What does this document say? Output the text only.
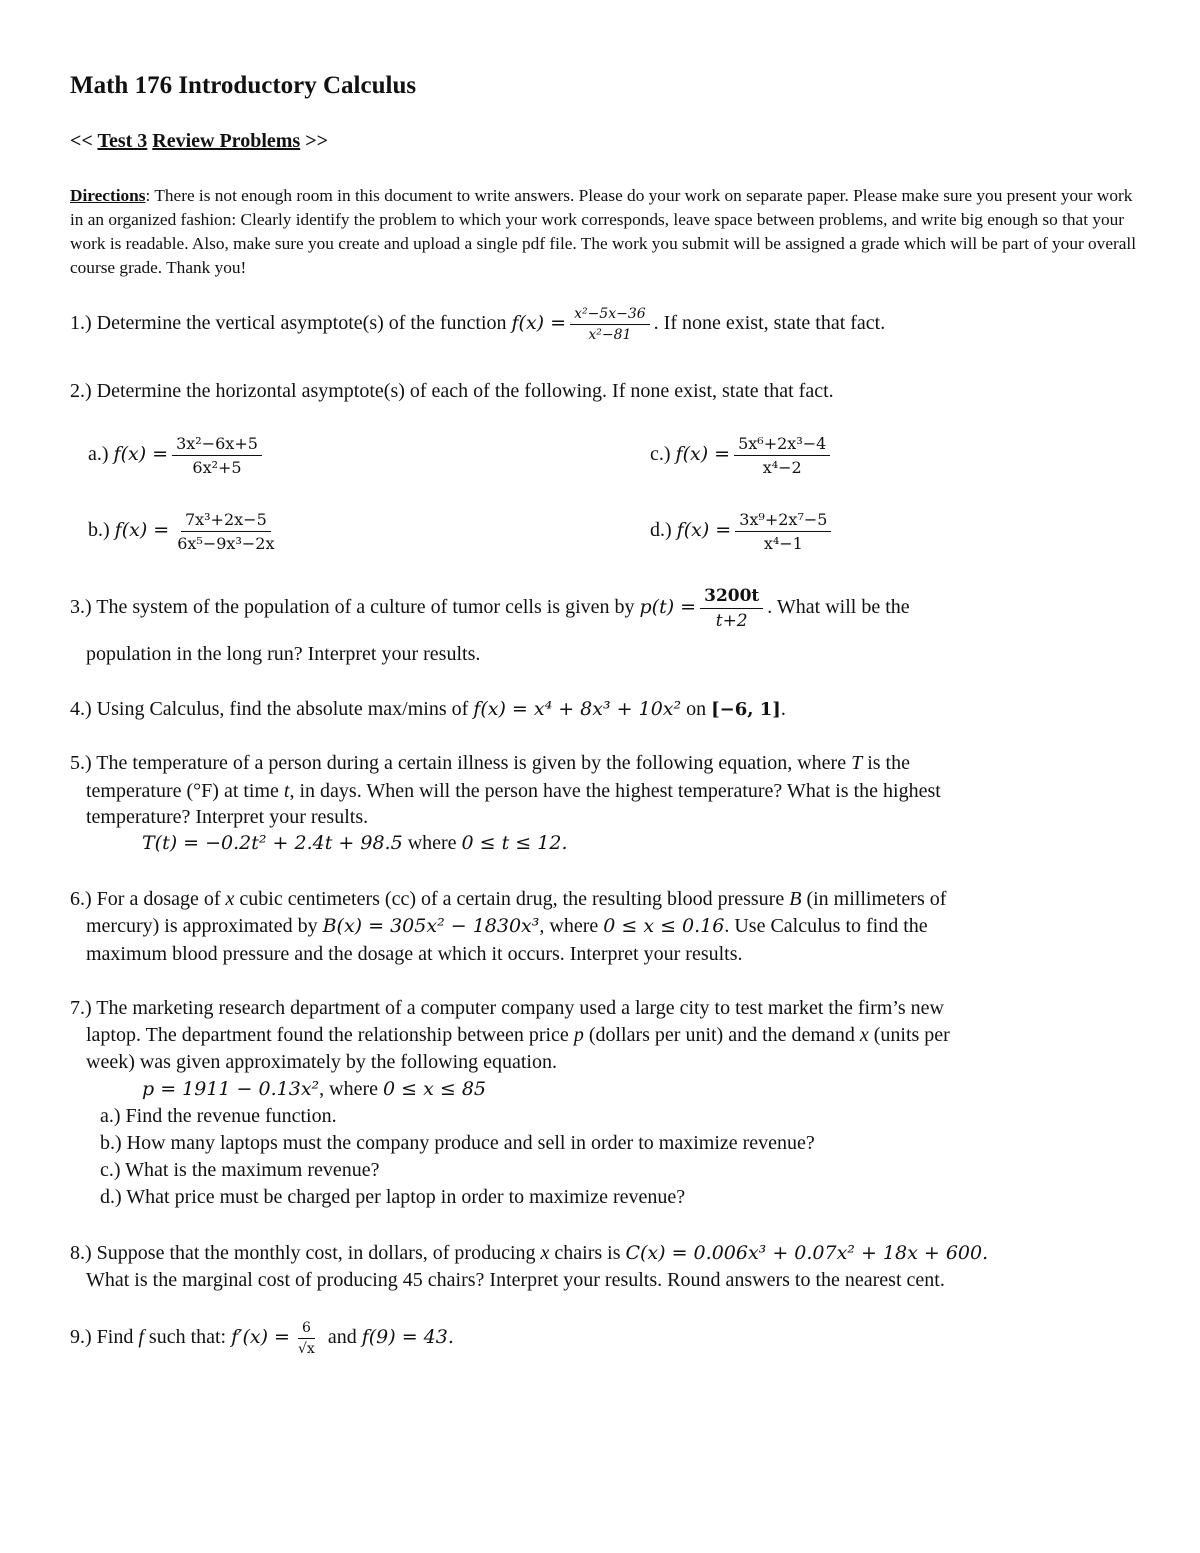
Math 176 Introductory Calculus
<< Test 3 Review Problems >>
Directions: There is not enough room in this document to write answers. Please do your work on separate paper. Please make sure you present your work in an organized fashion: Clearly identify the problem to which your work corresponds, leave space between problems, and write big enough so that your work is readable. Also, make sure you create and upload a single pdf file. The work you submit will be assigned a grade which will be part of your overall course grade. Thank you!
1.) Determine the vertical asymptote(s) of the function $f(x) = \frac{\text{x²−5x−36}}{\text{x²−81}}$ . If none exist, state that fact.
2.) Determine the horizontal asymptote(s) of each of the following. If none exist, state that fact.
a.) $f(x) = \frac{\text{3x²−6x+5}}{\text{6x²+5}}$	c.) $f(x) = \frac{\text{5x⁶+2x³−4}}{\text{x⁴−2}}$
b.) $f(x) = \frac{\text{7x³+2x−5}}{\text{6x⁵−9x³−2x}}$	d.) $f(x) = \frac{\text{3x⁹+2x⁷−5}}{\text{x⁴−1}}$
3.) The system of the population of a culture of tumor cells is given by $p(t) = \frac{3200t}{t+2}$ . What will be the
population in the long run? Interpret your results.
4.) Using Calculus, find the absolute max/mins of f(x) = x⁴ + 8x³ + 10x² on [−6, 1].
5.) The temperature of a person during a certain illness is given by the following equation, where T is the
temperature (°F) at time t, in days. When will the person have the highest temperature? What is the highest
temperature? Interpret your results.
T(t) = −0.2t² + 2.4t + 98.5 where 0 ≤ t ≤ 12.
6.) For a dosage of x cubic centimeters (cc) of a certain drug, the resulting blood pressure B (in millimeters of
mercury) is approximated by B(x) = 305x² − 1830x³, where 0 ≤ x ≤ 0.16. Use Calculus to find the
maximum blood pressure and the dosage at which it occurs. Interpret your results.
7.) The marketing research department of a computer company used a large city to test market the firm’s new
laptop. The department found the relationship between price p (dollars per unit) and the demand x (units per
week) was given approximately by the following equation.
p = 1911 − 0.13x², where 0 ≤ x ≤ 85
a.) Find the revenue function.
b.) How many laptops must the company produce and sell in order to maximize revenue?
c.) What is the maximum revenue?
d.) What price must be charged per laptop in order to maximize revenue?
8.) Suppose that the monthly cost, in dollars, of producing x chairs is C(x) = 0.006x³ + 0.07x² + 18x + 600.
What is the marginal cost of producing 45 chairs? Interpret your results. Round answers to the nearest cent.
9.) Find f such that: $f'(x) = \frac{6}{√x}$ and f(9) = 43.
